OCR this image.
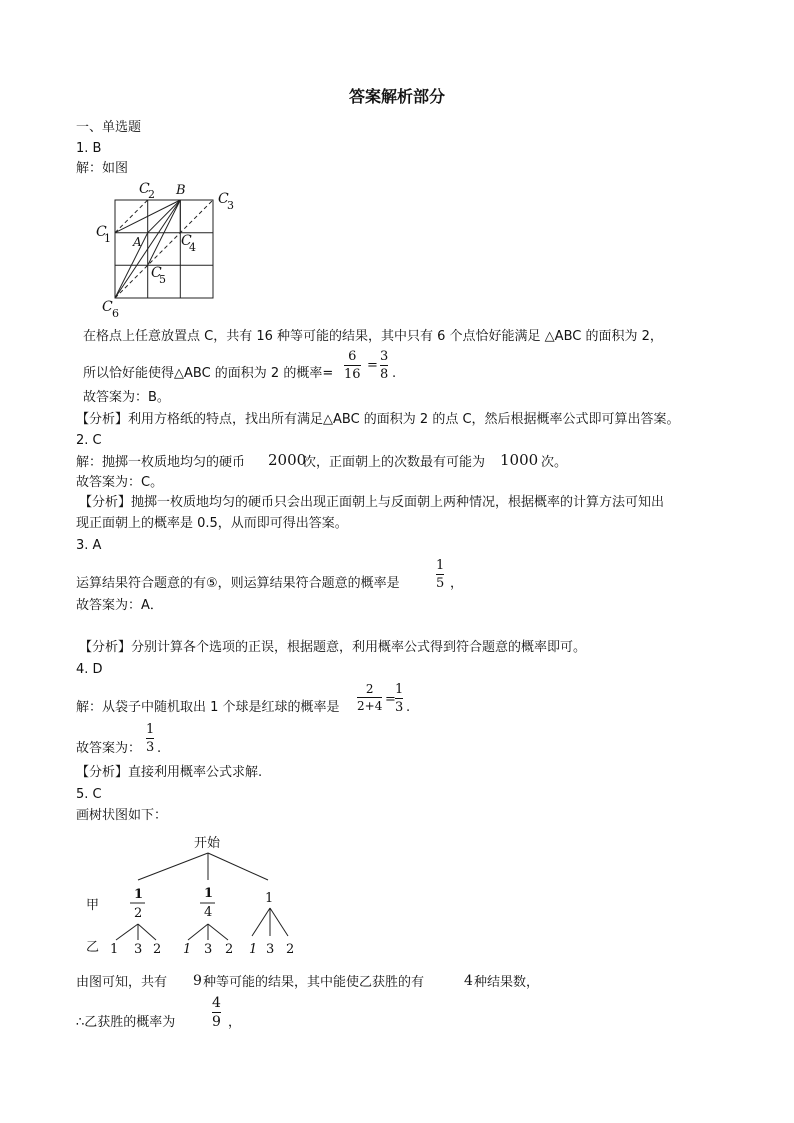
答案解析部分
一、单选题
1. B
解：如图
C
1
C
2 B
C
3
A	C
4
C
5
C 6
在格点上任意放置点 C，共有 16 种等可能的结果，其中只有 6 个点恰好能满足 △ABC 的面积为 2，
所以恰好能使得△ABC 的面积为 2 的概率=
6
16
=
3
8 .
故答案为：B。
【分析】利用方格纸的特点，找出所有满足△ABC 的面积为 2 的点 C，然后根据概率公式即可算出答案。
2. C
解：抛掷一枚质地均匀的硬币 2000
次，正面朝上的次数最有可能为 1000 次。
故答案为：C。
【分析】抛掷一枚质地均匀的硬币只会出现正面朝上与反面朝上两种情况，根据概率的计算方法可知出
现正面朝上的概率是 0.5，从而即可得出答案。
3. A
运算结果符合题意的有⑤，则运算结果符合题意的概率是
1
5 ，
故答案为：A．
【分析】分别计算各个选项的正误，根据题意，利用概率公式得到符合题意的概率即可。
4. D
解：从袋子中随机取出 1 个球是红球的概率是
2
2+4 =
1
3 .
故答案为：
1
3 .
【分析】直接利用概率公式求解.
5. C
画树状图如下：
开始
甲
乙
1
2
1
4
1
1 3 2 1 3 2 1 3 2
由图可知，共有 9 种等可能的结果，其中能使乙获胜的有	4 种结果数，
∴乙获胜的概率为
4
9 ，
